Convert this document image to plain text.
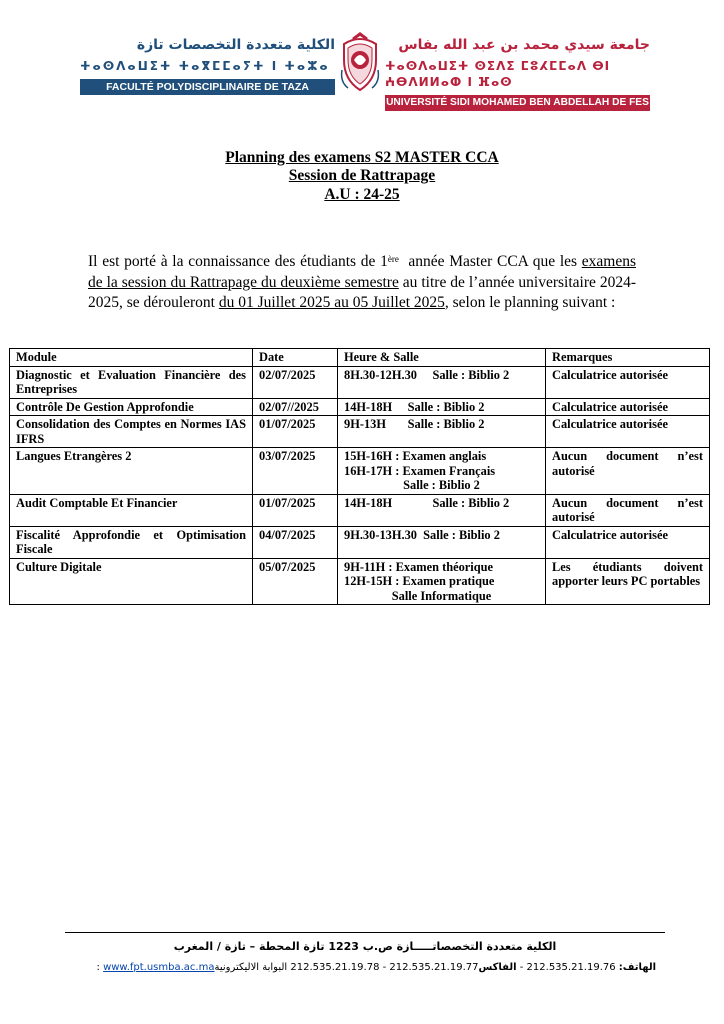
الكلية متعددة التخصصات تازة
ⵜⴰⵙⴷⴰⵡⵉⵜ ⵜⴰⴳⵎⵎⴰⵢⵜ ⵏ ⵜⴰⵣⴰ
FACULTÉ POLYDISCIPLINAIRE DE TAZA
جامعة سيدي محمد بن عبد الله بفاس
ⵜⴰⵙⴷⴰⵡⵉⵜ ⵙⵉⴷⵉ ⵎⵓⵃⵎⵎⴰⴷ ⴱⵏ ⵄⴱⴷⵍⵍⴰⵀ ⵏ ⴼⴰⵙ
UNIVERSITÉ SIDI MOHAMED BEN ABDELLAH DE FES
Planning des examens S2 MASTER CCA
Session de Rattrapage
A.U : 24-25
Il est porté à la connaissance des étudiants de 1ère  année Master CCA que les examens de la session du Rattrapage du deuxième semestre au titre de l’année universitaire 2024-2025, se dérouleront du 01 Juillet 2025 au 05 Juillet 2025, selon le planning suivant :
Module	Date	Heure & Salle	Remarques
Diagnostic et Evaluation Financière des Entreprises	02/07/2025	8H.30-12H.30     Salle : Biblio 2	Calculatrice autorisée
Contrôle De Gestion Approfondie	02/07//2025	14H-18H     Salle : Biblio 2	Calculatrice autorisée
Consolidation des Comptes en Normes IAS IFRS	01/07/2025	9H-13H       Salle : Biblio 2	Calculatrice autorisée
Langues Etrangères 2	03/07/2025	15H-16H : Examen anglais
16H-17H : Examen Français
Salle : Biblio 2	Aucun document n’est autorisé
Audit Comptable Et Financier	01/07/2025	14H-18H             Salle : Biblio 2	Aucun document n’est autorisé
Fiscalité Approfondie et Optimisation Fiscale	04/07/2025	9H.30-13H.30  Salle : Biblio 2	Calculatrice autorisée
Culture Digitale	05/07/2025	9H-11H : Examen théorique
12H-15H : Examen pratique
Salle Informatique	Les étudiants doivent apporter leurs PC portables
الكلية متعددة التخصصاتـــــازة ص.ب 1223 تازة المحطة – تازة / المغرب
الهاتف: 212.535.21.19.76 - الفاكس212.535.21.19.77 - 212.535.21.19.78 البوابة الاليكترونيةwww.fpt.usmba.ac.ma :
